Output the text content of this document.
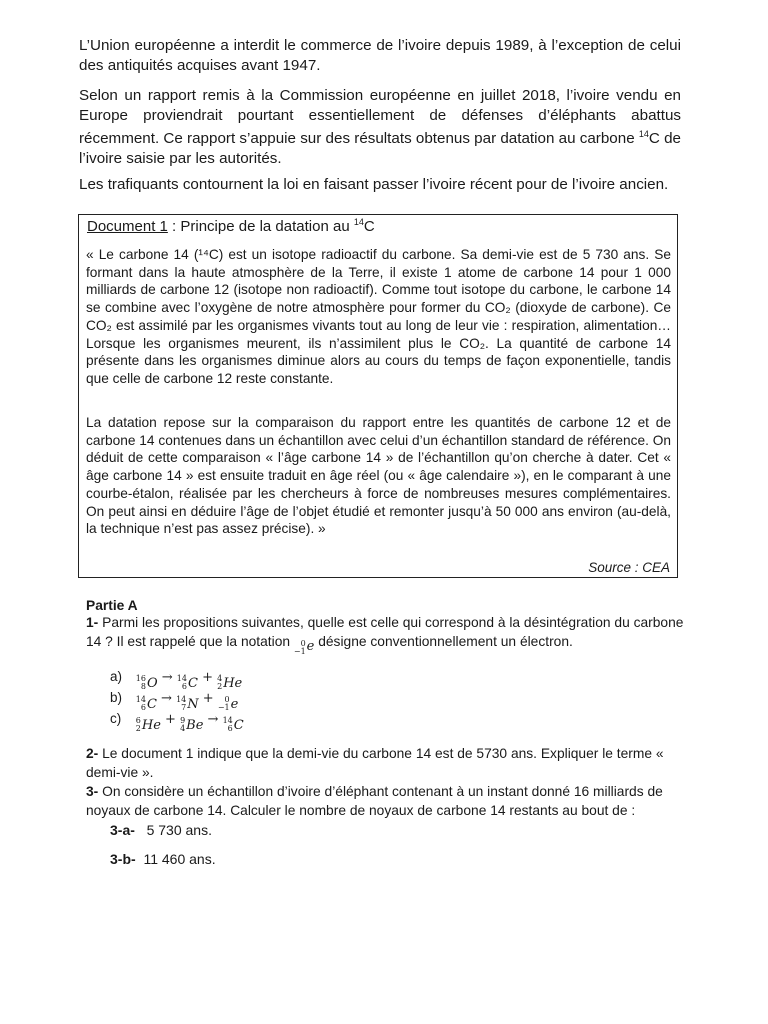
L’Union européenne a interdit le commerce de l’ivoire depuis 1989, à l’exception de celui des antiquités acquises avant 1947.

Selon un rapport remis à la Commission européenne en juillet 2018, l’ivoire vendu en Europe proviendrait pourtant essentiellement de défenses d’éléphants abattus récemment. Ce rapport s’appuie sur des résultats obtenus par datation au carbone $^{14}$C de l’ivoire saisie par les autorités.

Les trafiquants contournent la loi en faisant passer l’ivoire récent pour de l’ivoire ancien.

Document 1 : Principe de la datation au $^{14}$C

« Le carbone 14 (¹⁴C) est un isotope radioactif du carbone. Sa demi-vie est de 5 730 ans. Se formant dans la haute atmosphère de la Terre, il existe 1 atome de carbone 14 pour 1 000 milliards de carbone 12 (isotope non radioactif). Comme tout isotope du carbone, le carbone 14 se combine avec l’oxygène de notre atmosphère pour former du CO₂ (dioxyde de carbone). Ce CO₂ est assimilé par les organismes vivants tout au long de leur vie : respiration, alimentation…Lorsque les organismes meurent, ils n’assimilent plus le CO₂. La quantité de carbone 14 présente dans les organismes diminue alors au cours du temps de façon exponentielle, tandis que celle de carbone 12 reste constante.

La datation repose sur la comparaison du rapport entre les quantités de carbone 12 et de carbone 14 contenues dans un échantillon avec celui d’un échantillon standard de référence. On déduit de cette comparaison « l’âge carbone 14 » de l’échantillon qu’on cherche à dater. Cet « âge carbone 14 » est ensuite traduit en âge réel (ou « âge calendaire »), en le comparant à une courbe-étalon, réalisée par les chercheurs à force de nombreuses mesures complémentaires. On peut ainsi en déduire l’âge de l’objet étudié et remonter jusqu’à 50 000 ans environ (au-delà, la technique n’est pas assez précise). »

Source : CEA

Partie A

1- Parmi les propositions suivantes, quelle est celle qui correspond à la désintégration du carbone 14 ? Il est rappelé que la notation 0
−1 e désigne conventionnellement un électron.

a) 16
8 O → 14
6 C + 4
2 He

b) 14
6 C → 14
7 N + 0
−1 e

c) 6
2 He + 9
4 Be → 14
6 C

2- Le document 1 indique que la demi-vie du carbone 14 est de 5730 ans. Expliquer le terme « demi-vie ».

3- On considère un échantillon d’ivoire d’éléphant contenant à un instant donné 16 milliards de noyaux de carbone 14. Calculer le nombre de noyaux de carbone 14 restants au bout de :

3-a- 5 730 ans.

3-b- 11 460 ans.
